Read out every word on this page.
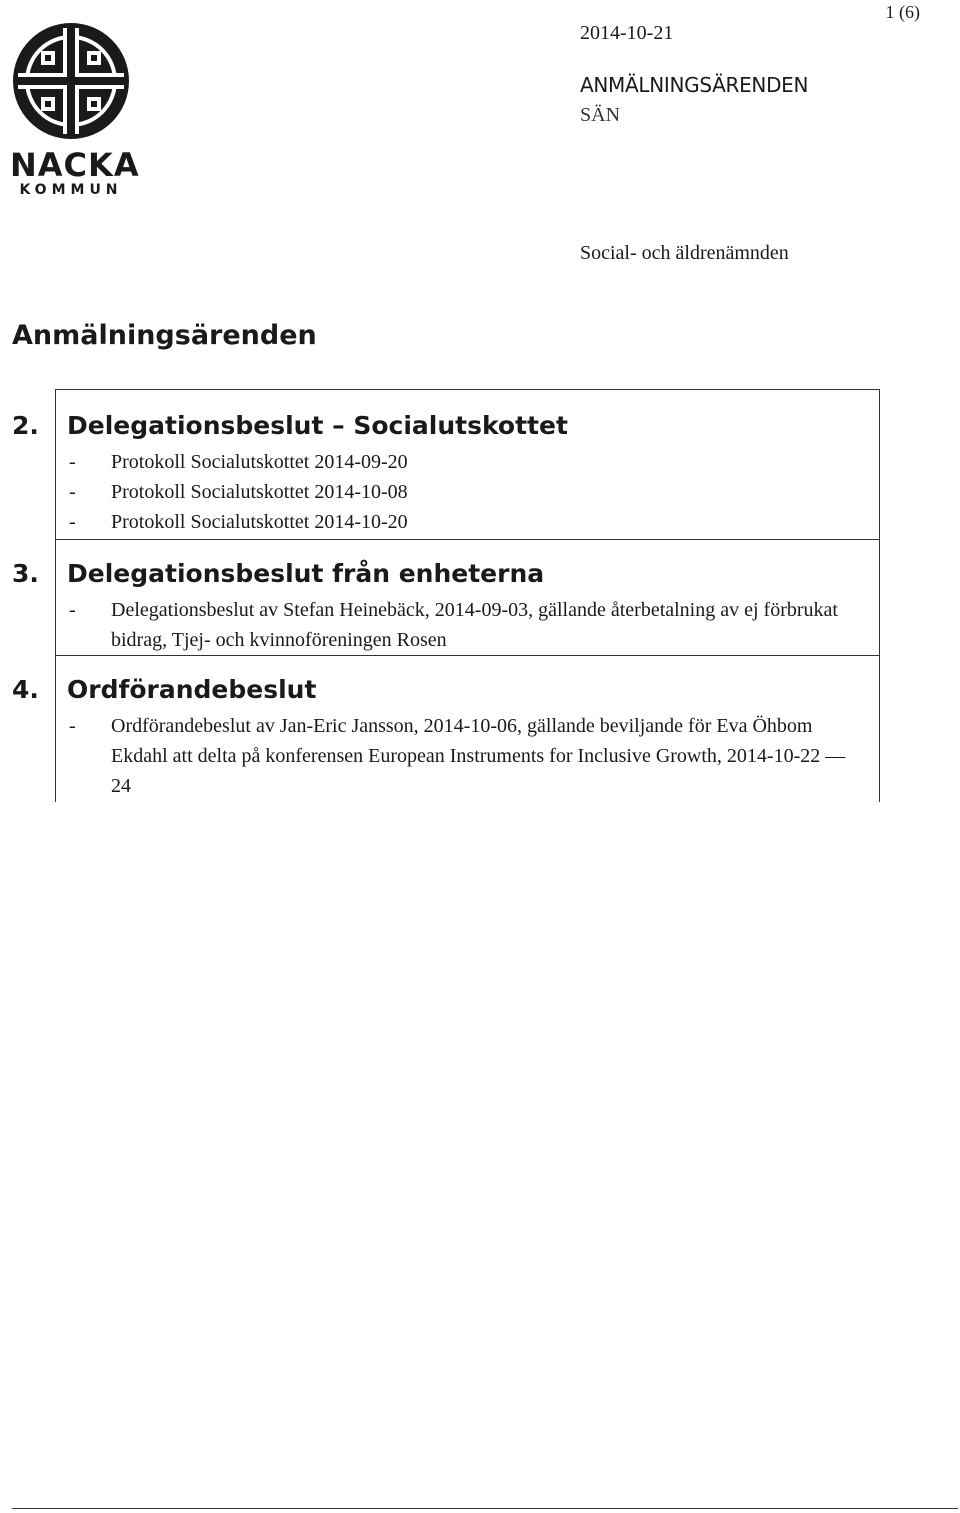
1 (6)
NACKA
KOMMUN
2014-10-21
ANMÄLNINGSÄRENDEN
SÄN
Social- och äldrenämnden
Anmälningsärenden
2. Delegationsbeslut – Socialutskottet
- Protokoll Socialutskottet 2014-09-20
- Protokoll Socialutskottet 2014-10-08
- Protokoll Socialutskottet 2014-10-20
3. Delegationsbeslut från enheterna
- Delegationsbeslut av Stefan Heinebäck, 2014-09-03, gällande återbetalning av ej förbrukat bidrag, Tjej- och kvinnoföreningen Rosen
4. Ordförandebeslut
- Ordförandebeslut av Jan-Eric Jansson, 2014-10-06, gällande beviljande för Eva Öhbom Ekdahl att delta på konferensen European Instruments for Inclusive Growth, 2014-10-22 — 24
